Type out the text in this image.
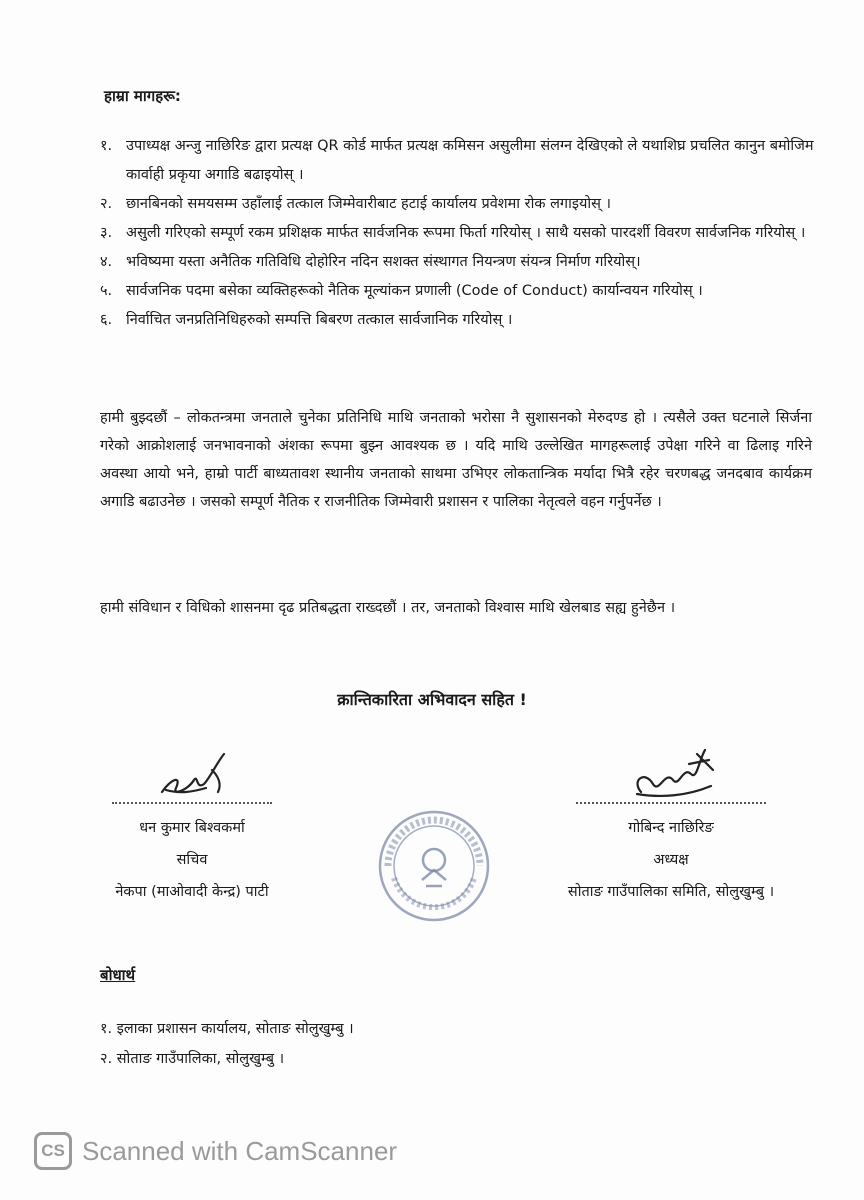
हाम्रा मागहरू:
१. उपाध्यक्ष अन्जु नाछिरिङ द्वारा प्रत्यक्ष QR कोर्ड मार्फत प्रत्यक्ष कमिसन असुलीमा संलग्न देखिएको ले यथाशिघ्र प्रचलित कानुन बमोजिम कार्वाही प्रकृया अगाडि बढाइयोस् ।
२. छानबिनको समयसम्म उहाँलाई तत्काल जिम्मेवारीबाट हटाई कार्यालय प्रवेशमा रोक लगाइयोस् ।
३. असुली गरिएको सम्पूर्ण रकम प्रशिक्षक मार्फत सार्वजनिक रूपमा फिर्ता गरियोस् । साथै यसको पारदर्शी विवरण सार्वजनिक गरियोस् ।
४. भविष्यमा यस्ता अनैतिक गतिविधि दोहोरिन नदिन सशक्त संस्थागत नियन्त्रण संयन्त्र निर्माण गरियोस्।
५. सार्वजनिक पदमा बसेका व्यक्तिहरूको नैतिक मूल्यांकन प्रणाली (Code of Conduct) कार्यान्वयन गरियोस् ।
६. निर्वाचित जनप्रतिनिधिहरुको सम्पत्ति बिबरण तत्काल सार्वजानिक गरियोस् ।

हामी बुझ्दछौं – लोकतन्त्रमा जनताले चुनेका प्रतिनिधि माथि जनताको भरोसा नै सुशासनको मेरुदण्ड हो । त्यसैले उक्त घटनाले सिर्जना गरेको आक्रोशलाई जनभावनाको अंशका रूपमा बुझ्न आवश्यक छ । यदि माथि उल्लेखित मागहरूलाई उपेक्षा गरिने वा ढिलाइ गरिने अवस्था आयो भने, हाम्रो पार्टी बाध्यतावश स्थानीय जनताको साथमा उभिएर लोकतान्त्रिक मर्यादा भित्रै रहेर चरणबद्ध जनदबाव कार्यक्रम अगाडि बढाउनेछ । जसको सम्पूर्ण नैतिक र राजनीतिक जिम्मेवारी प्रशासन र पालिका नेतृत्वले वहन गर्नुपर्नेछ ।

हामी संविधान र विधिको शासनमा दृढ प्रतिबद्धता राख्दछौं । तर, जनताको विश्वास माथि खेलबाड सह्य हुनेछैन ।

क्रान्तिकारिता अभिवादन सहित !
धन कुमार बिश्वकर्मा
सचिव
नेकपा (माओवादी केन्द्र) पाटी
गोबिन्द नाछिरिङ
अध्यक्ष
सोताङ गाउँपालिका समिति, सोलुखुम्बु ।
बोधार्थ
१. इलाका प्रशासन कार्यालय, सोताङ सोलुखुम्बु ।
२. सोताङ गाउँपालिका, सोलुखुम्बु ।
CS Scanned with CamScanner
